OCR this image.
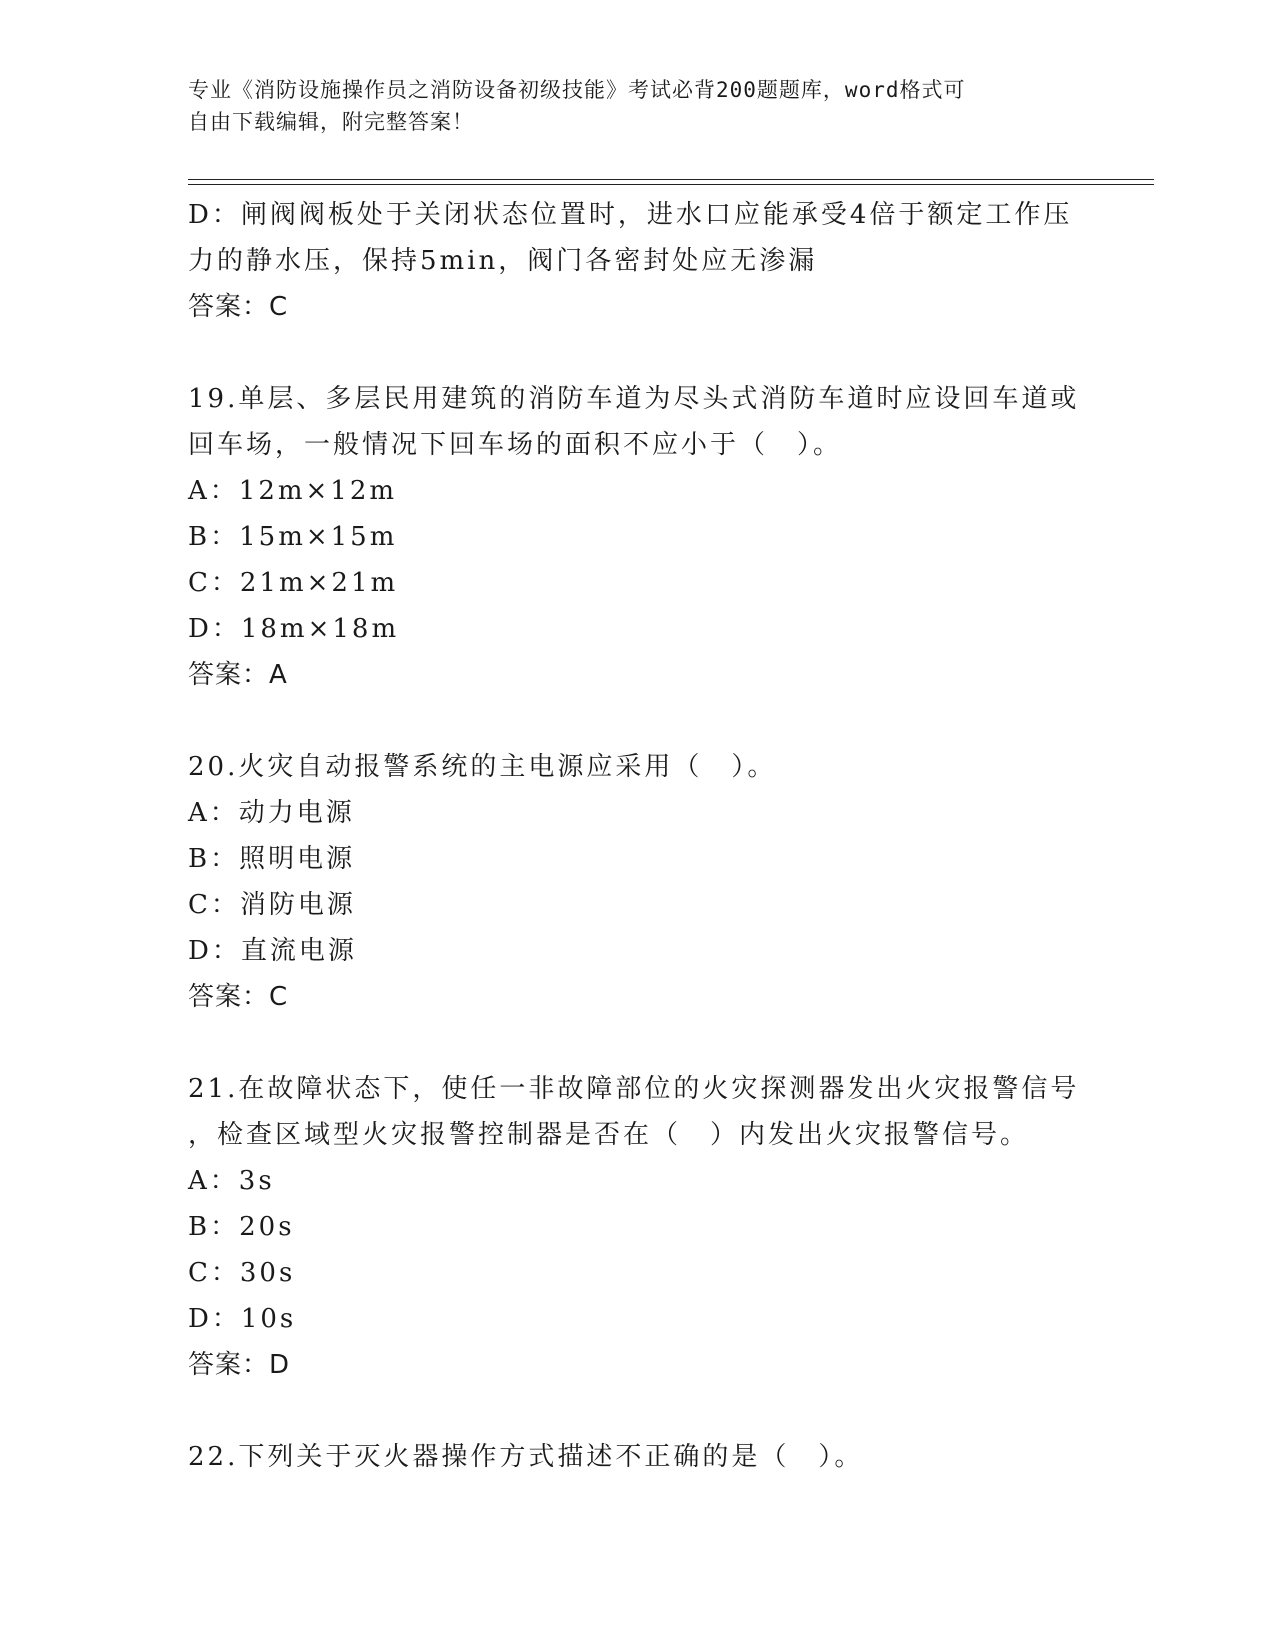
专业《消防设施操作员之消防设备初级技能》考试必背200题题库，word格式可
自由下载编辑，附完整答案！
D：闸阀阀板处于关闭状态位置时，进水口应能承受4倍于额定工作压
力的静水压，保持5min，阀门各密封处应无渗漏
答案：C
19.单层、多层民用建筑的消防车道为尽头式消防车道时应设回车道或
回车场，一般情况下回车场的面积不应小于（　）。
A：12m×12m
B：15m×15m
C：21m×21m
D：18m×18m
答案：A
20.火灾自动报警系统的主电源应采用（　）。
A：动力电源
B：照明电源
C：消防电源
D：直流电源
答案：C
21.在故障状态下，使任一非故障部位的火灾探测器发出火灾报警信号
，检查区域型火灾报警控制器是否在（　）内发出火灾报警信号。
A：3s
B：20s
C：30s
D：10s
答案：D
22.下列关于灭火器操作方式描述不正确的是（　）。
